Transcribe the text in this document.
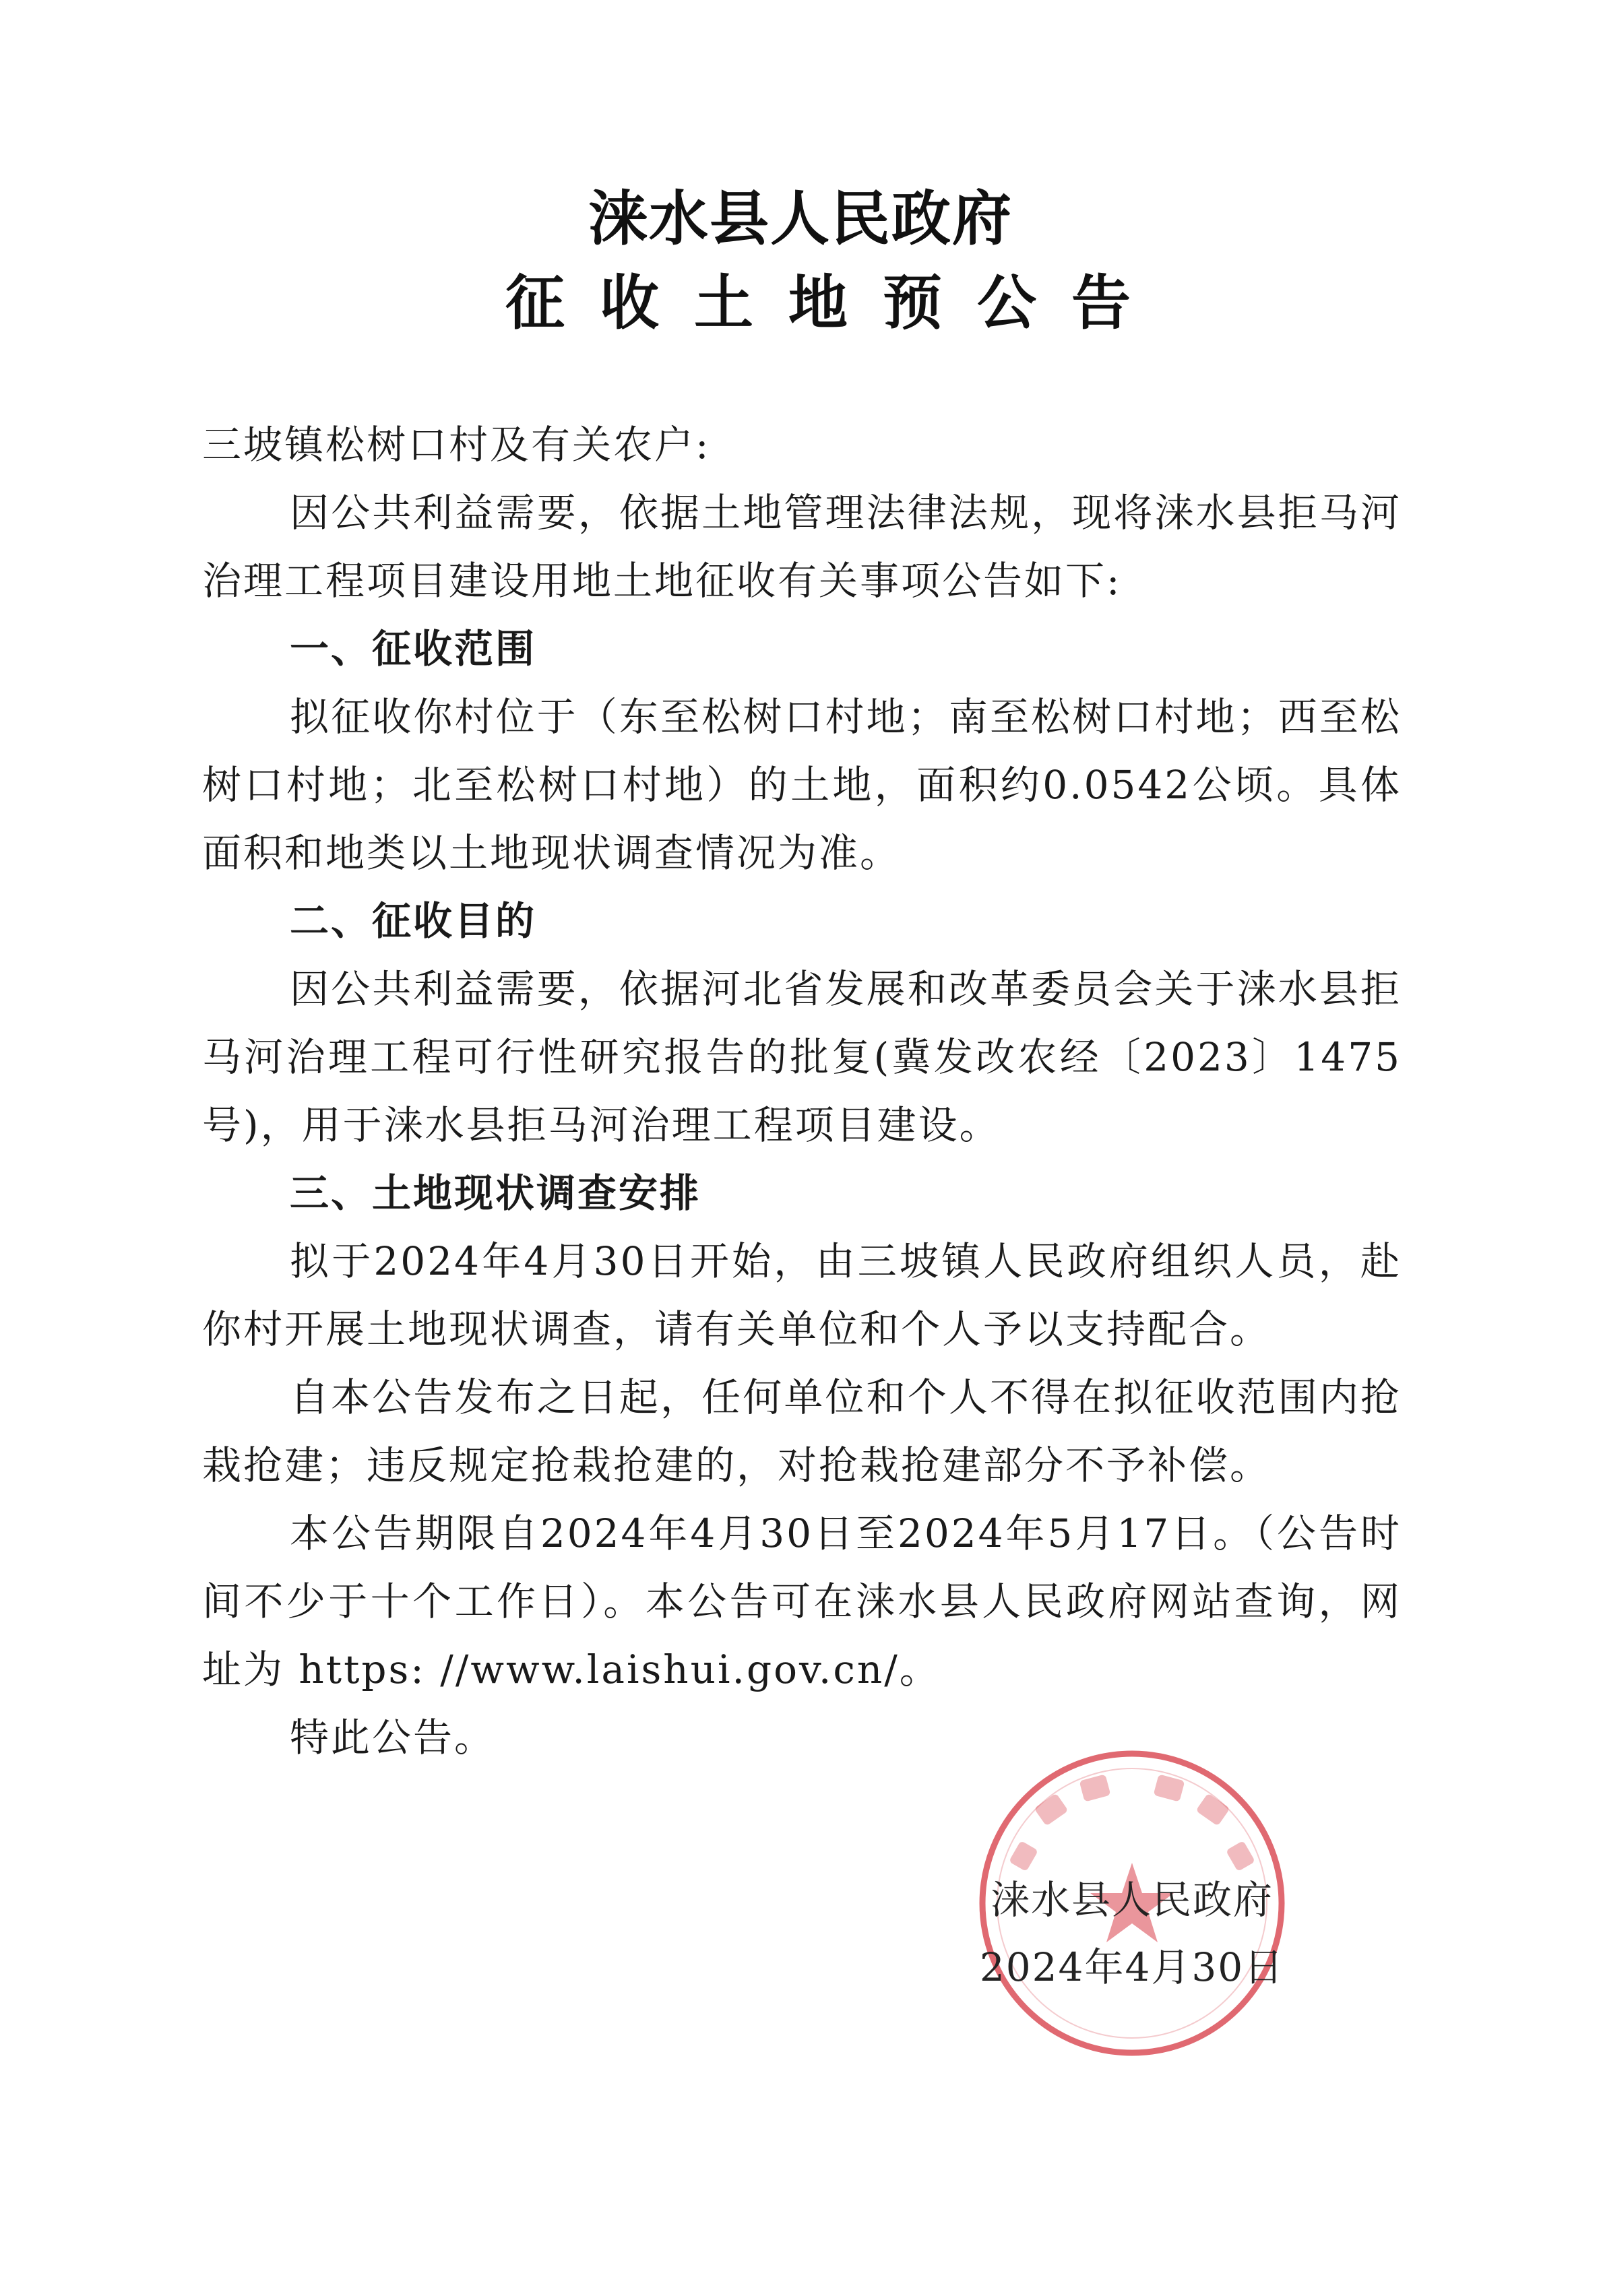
涞水县人民政府
征收土地预公告

三坡镇松树口村及有关农户:

因公共利益需要，依据土地管理法律法规，现将涞水县拒马河治理工程项目建设用地土地征收有关事项公告如下:

一、征收范围

拟征收你村位于（东至松树口村地；南至松树口村地；西至松树口村地；北至松树口村地）的土地，面积约0.0542公顷。具体面积和地类以土地现状调查情况为准。

二、征收目的

因公共利益需要，依据河北省发展和改革委员会关于涞水县拒马河治理工程可行性研究报告的批复(冀发改农经〔2023〕1475号)，用于涞水县拒马河治理工程项目建设。

三、土地现状调查安排

拟于2024年4月30日开始，由三坡镇人民政府组织人员，赴你村开展土地现状调查，请有关单位和个人予以支持配合。

自本公告发布之日起，任何单位和个人不得在拟征收范围内抢栽抢建；违反规定抢栽抢建的，对抢栽抢建部分不予补偿。

本公告期限自2024年4月30日至2024年5月17日。（公告时间不少于十个工作日）。本公告可在涞水县人民政府网站查询，网址为 https: //www.laishui.gov.cn/。

特此公告。

涞水县人民政府
2024年4月30日
